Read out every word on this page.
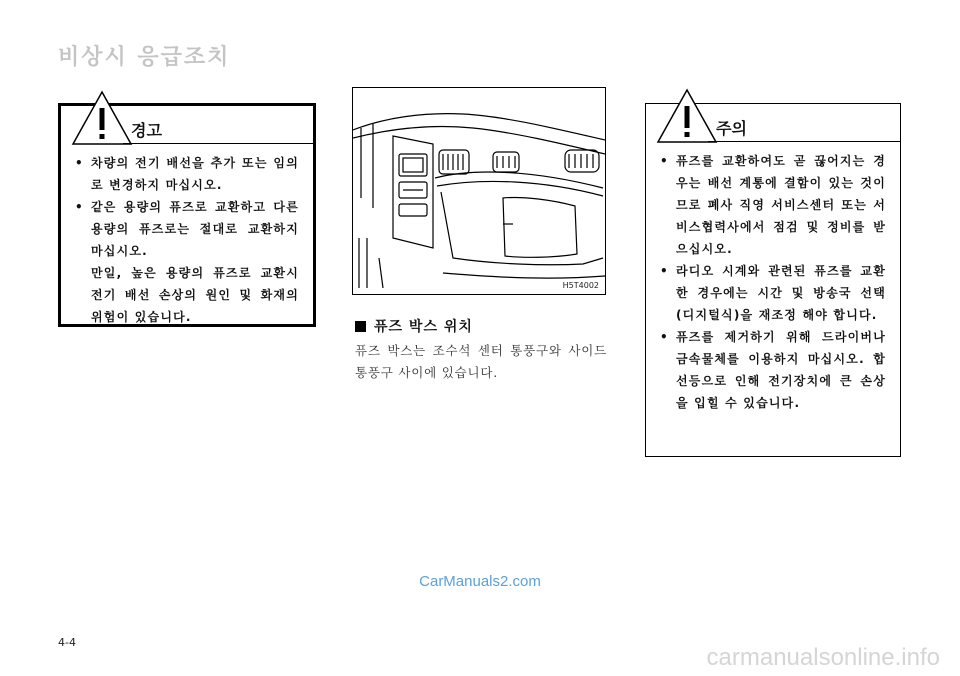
비상시 응급조치
경고
• 차량의 전기 배선을 추가 또는 임의로 변경하지 마십시오.
• 같은 용량의 퓨즈로 교환하고 다른 용량의 퓨즈로는 절대로 교환하지 마십시오.
만일, 높은 용량의 퓨즈로 교환시 전기 배선 손상의 원인 및 화재의 위험이 있습니다.
H5T4002
퓨즈 박스 위치
퓨즈 박스는 조수석 센터 통풍구와 사이드 통풍구 사이에 있습니다.
주의
• 퓨즈를 교환하여도 곧 끊어지는 경우는 배선 계통에 결함이 있는 것이므로 폐사 직영 서비스센터 또는 서비스협력사에서 점검 및 정비를 받으십시오.
• 라디오 시계와 관련된 퓨즈를 교환한 경우에는 시간 및 방송국 선택(디지털식)을 재조정 해야 합니다.
• 퓨즈를 제거하기 위해 드라이버나 금속물체를 이용하지 마십시오. 합선등으로 인해 전기장치에 큰 손상을 입힐 수 있습니다.
CarManuals2.com
4-4
carmanualsonline.info
